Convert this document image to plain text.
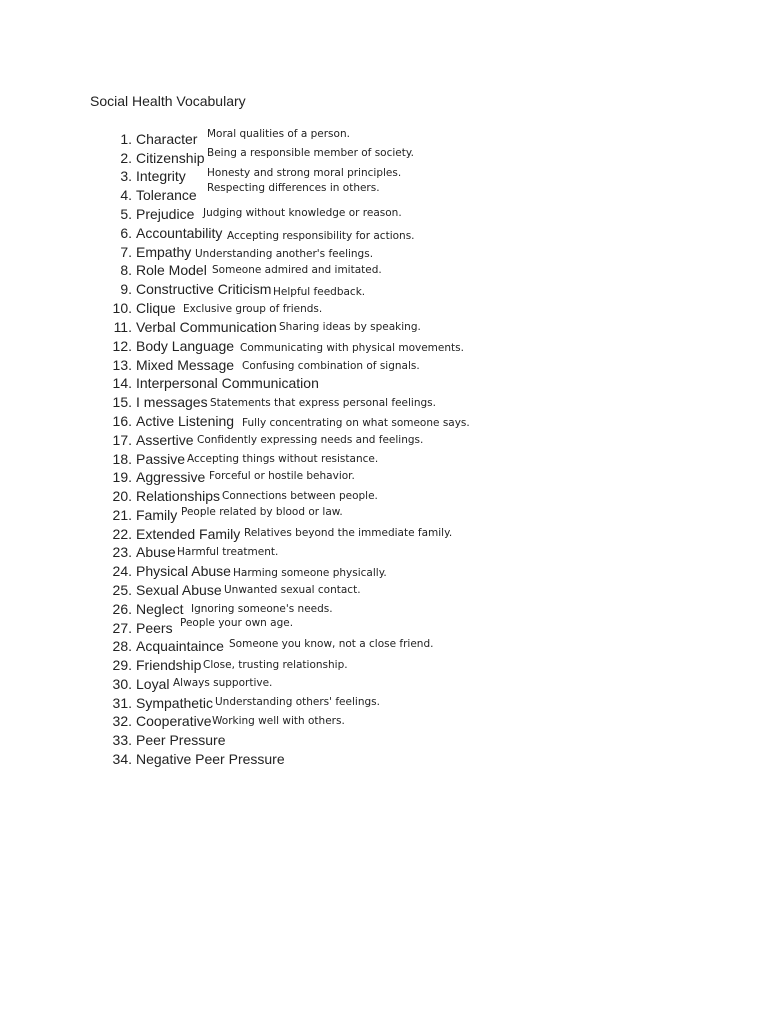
Social Health Vocabulary
1. Character Moral qualities of a person.
2. Citizenship Being a responsible member of society.
3. Integrity Honesty and strong moral principles.
4. Tolerance Respecting differences in others.
5. Prejudice Judging without knowledge or reason.
6. Accountability Accepting responsibility for actions.
7. Empathy Understanding another's feelings.
8. Role Model Someone admired and imitated.
9. Constructive Criticism Helpful feedback.
10. Clique Exclusive group of friends.
11. Verbal Communication Sharing ideas by speaking.
12. Body Language Communicating with physical movements.
13. Mixed Message Confusing combination of signals.
14. Interpersonal Communication
15. I messages Statements that express personal feelings.
16. Active Listening Fully concentrating on what someone says.
17. Assertive Confidently expressing needs and feelings.
18. Passive Accepting things without resistance.
19. Aggressive Forceful or hostile behavior.
20. Relationships Connections between people.
21. Family People related by blood or law.
22. Extended Family Relatives beyond the immediate family.
23. Abuse Harmful treatment.
24. Physical Abuse Harming someone physically.
25. Sexual Abuse Unwanted sexual contact.
26. Neglect Ignoring someone's needs.
27. Peers People your own age.
28. Acquaintaince Someone you know, not a close friend.
29. Friendship Close, trusting relationship.
30. Loyal Always supportive.
31. Sympathetic Understanding others' feelings.
32. Cooperative Working well with others.
33. Peer Pressure
34. Negative Peer Pressure
